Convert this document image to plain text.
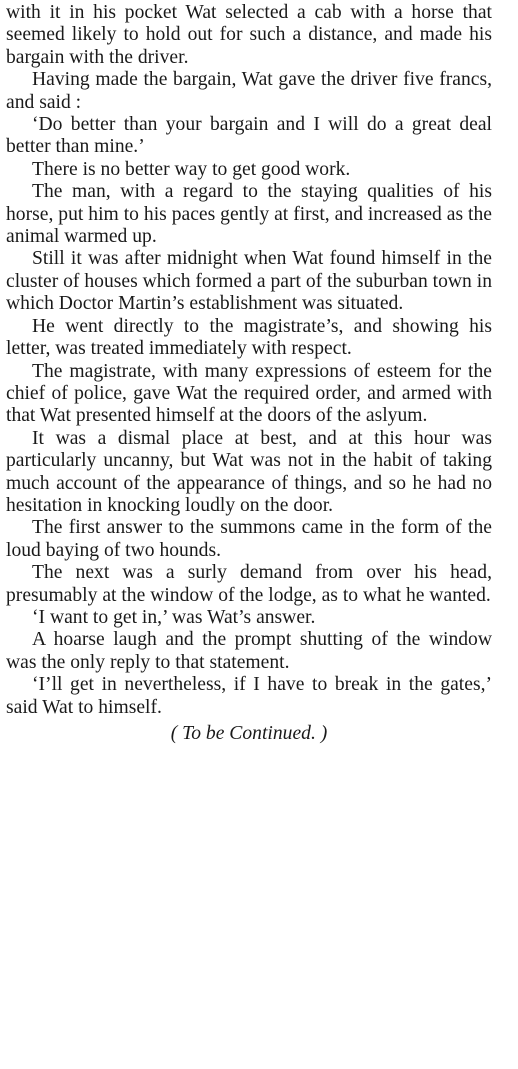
with it in his pocket Wat selected a cab with a horse that seemed likely to hold out for such a distance, and made his bargain with the driver.

Having made the bargain, Wat gave the driver five francs, and said :

‘Do better than your bargain and I will do a great deal better than mine.’

There is no better way to get good work.

The man, with a regard to the staying qualities of his horse, put him to his paces gently at first, and increased as the animal warmed up.

Still it was after midnight when Wat found himself in the cluster of houses which formed a part of the suburban town in which Doctor Martin’s establishment was situated.

He went directly to the magistrate’s, and showing his letter, was treated immediately with respect.

The magistrate, with many expressions of esteem for the chief of police, gave Wat the required order, and armed with that Wat presented himself at the doors of the aslyum.

It was a dismal place at best, and at this hour was particularly uncanny, but Wat was not in the habit of taking much account of the appearance of things, and so he had no hesitation in knocking loudly on the door.

The first answer to the summons came in the form of the loud baying of two hounds.

The next was a surly demand from over his head, presumably at the window of the lodge, as to what he wanted.

‘I want to get in,’ was Wat’s answer.

A hoarse laugh and the prompt shutting of the window was the only reply to that statement.

‘I’ll get in nevertheless, if I have to break in the gates,’ said Wat to himself.

( To be Continued. )
